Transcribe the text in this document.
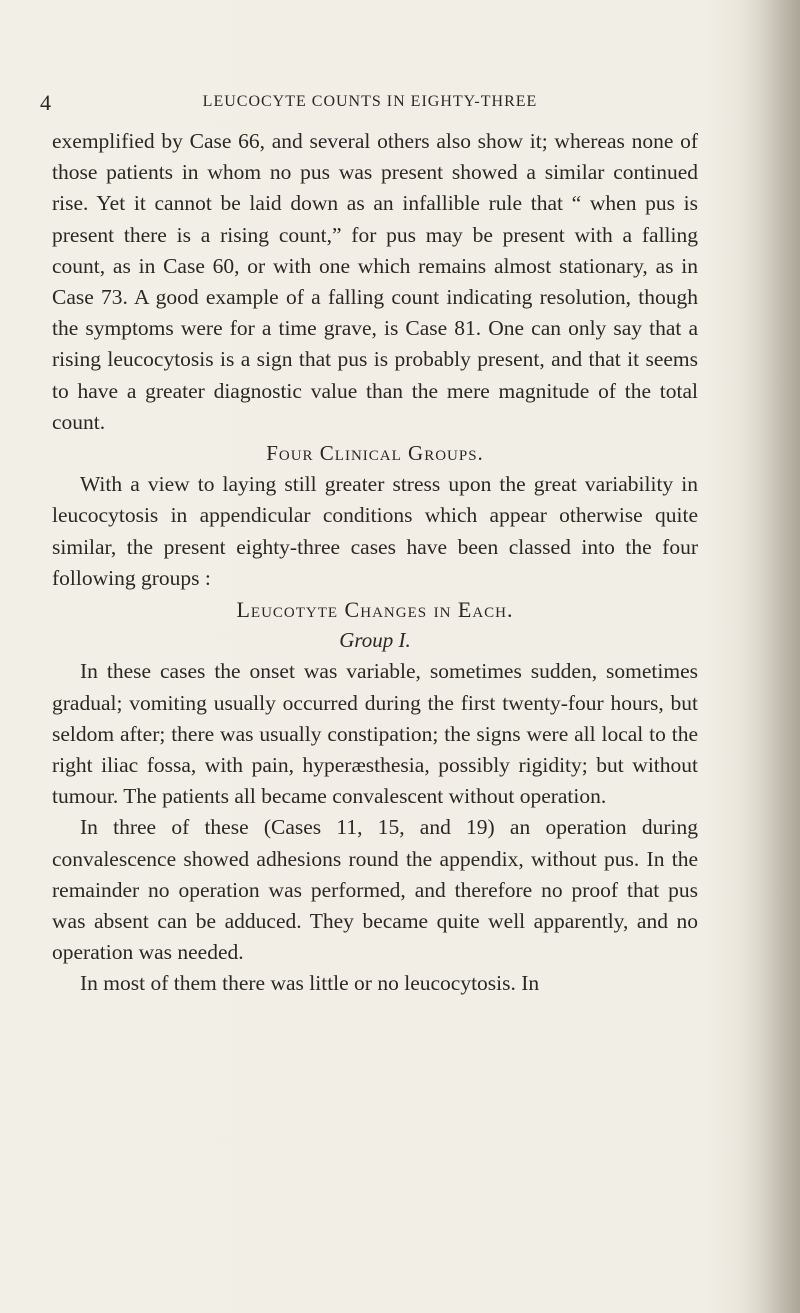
4	LEUCOCYTE COUNTS IN EIGHTY-THREE

exemplified by Case 66, and several others also show it; whereas none of those patients in whom no pus was present showed a similar continued rise. Yet it cannot be laid down as an infallible rule that “ when pus is present there is a rising count,” for pus may be present with a falling count, as in Case 60, or with one which remains almost stationary, as in Case 73. A good example of a falling count indicating resolution, though the symptoms were for a time grave, is Case 81. One can only say that a rising leucocytosis is a sign that pus is probably present, and that it seems to have a greater diagnostic value than the mere magnitude of the total count.

Four Clinical Groups.

With a view to laying still greater stress upon the great variability in leucocytosis in appendicular conditions which appear otherwise quite similar, the present eighty-three cases have been classed into the four following groups :

Leucotyte Changes in Each.

Group I.

In these cases the onset was variable, sometimes sudden, sometimes gradual; vomiting usually occurred during the first twenty-four hours, but seldom after; there was usually constipation; the signs were all local to the right iliac fossa, with pain, hyperæsthesia, possibly rigidity; but without tumour. The patients all became convalescent without operation.

In three of these (Cases 11, 15, and 19) an operation during convalescence showed adhesions round the appendix, without pus. In the remainder no operation was performed, and therefore no proof that pus was absent can be adduced. They became quite well apparently, and no operation was needed.

In most of them there was little or no leucocytosis. In
